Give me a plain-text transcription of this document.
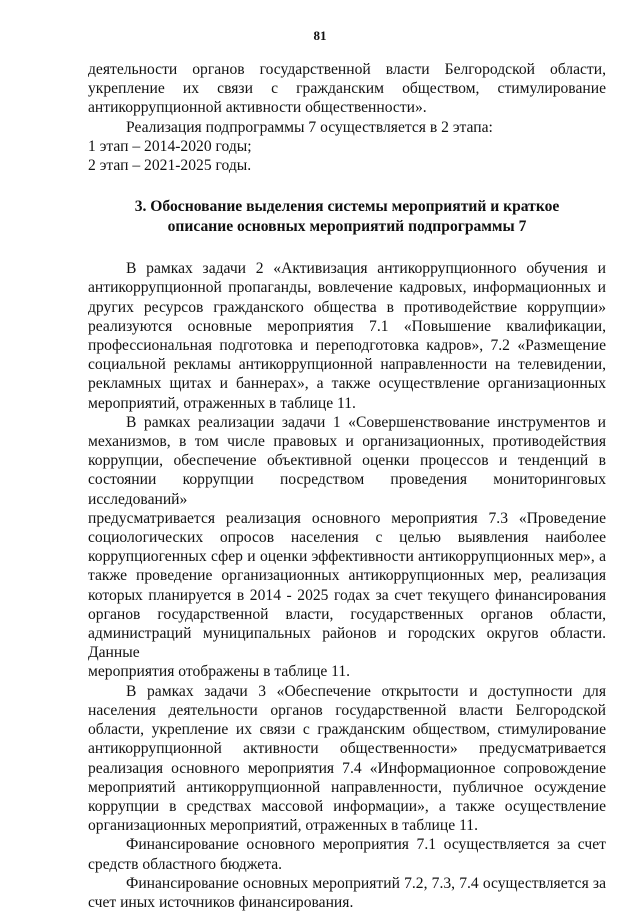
81
деятельности органов государственной власти Белгородской области,
укрепление их связи с гражданским обществом, стимулирование
антикоррупционной активности общественности».
Реализация подпрограммы 7 осуществляется в 2 этапа:
1 этап – 2014-2020 годы;
2 этап – 2021-2025 годы.
3. Обоснование выделения системы мероприятий и краткое
описание основных мероприятий подпрограммы 7
В рамках задачи 2 «Активизация антикоррупционного обучения и
антикоррупционной пропаганды, вовлечение кадровых, информационных и
других ресурсов гражданского общества в противодействие коррупции»
реализуются основные мероприятия 7.1 «Повышение квалификации,
профессиональная подготовка и переподготовка кадров», 7.2 «Размещение
социальной рекламы антикоррупционной направленности на телевидении,
рекламных щитах и баннерах», а также осуществление организационных
мероприятий, отраженных в таблице 11.
В рамках реализации задачи 1 «Совершенствование инструментов и
механизмов, в том числе правовых и организационных, противодействия
коррупции, обеспечение объективной оценки процессов и тенденций в
состоянии коррупции посредством проведения мониторинговых исследований»
предусматривается реализация основного мероприятия 7.3 «Проведение
социологических опросов населения с целью выявления наиболее
коррупциогенных сфер и оценки эффективности антикоррупционных мер», а
также проведение организационных антикоррупционных мер, реализация
которых планируется в 2014 - 2025 годах за счет текущего финансирования
органов государственной власти, государственных органов области,
администраций муниципальных районов и городских округов области. Данные
мероприятия отображены в таблице 11.
В рамках задачи 3 «Обеспечение открытости и доступности для
населения деятельности органов государственной власти Белгородской
области, укрепление их связи с гражданским обществом, стимулирование
антикоррупционной активности общественности» предусматривается
реализация основного мероприятия 7.4 «Информационное сопровождение
мероприятий антикоррупционной направленности, публичное осуждение
коррупции в средствах массовой информации», а также осуществление
организационных мероприятий, отраженных в таблице 11.
Финансирование основного мероприятия 7.1 осуществляется за счет
средств областного бюджета.
Финансирование основных мероприятий 7.2, 7.3, 7.4 осуществляется за
счет иных источников финансирования.
